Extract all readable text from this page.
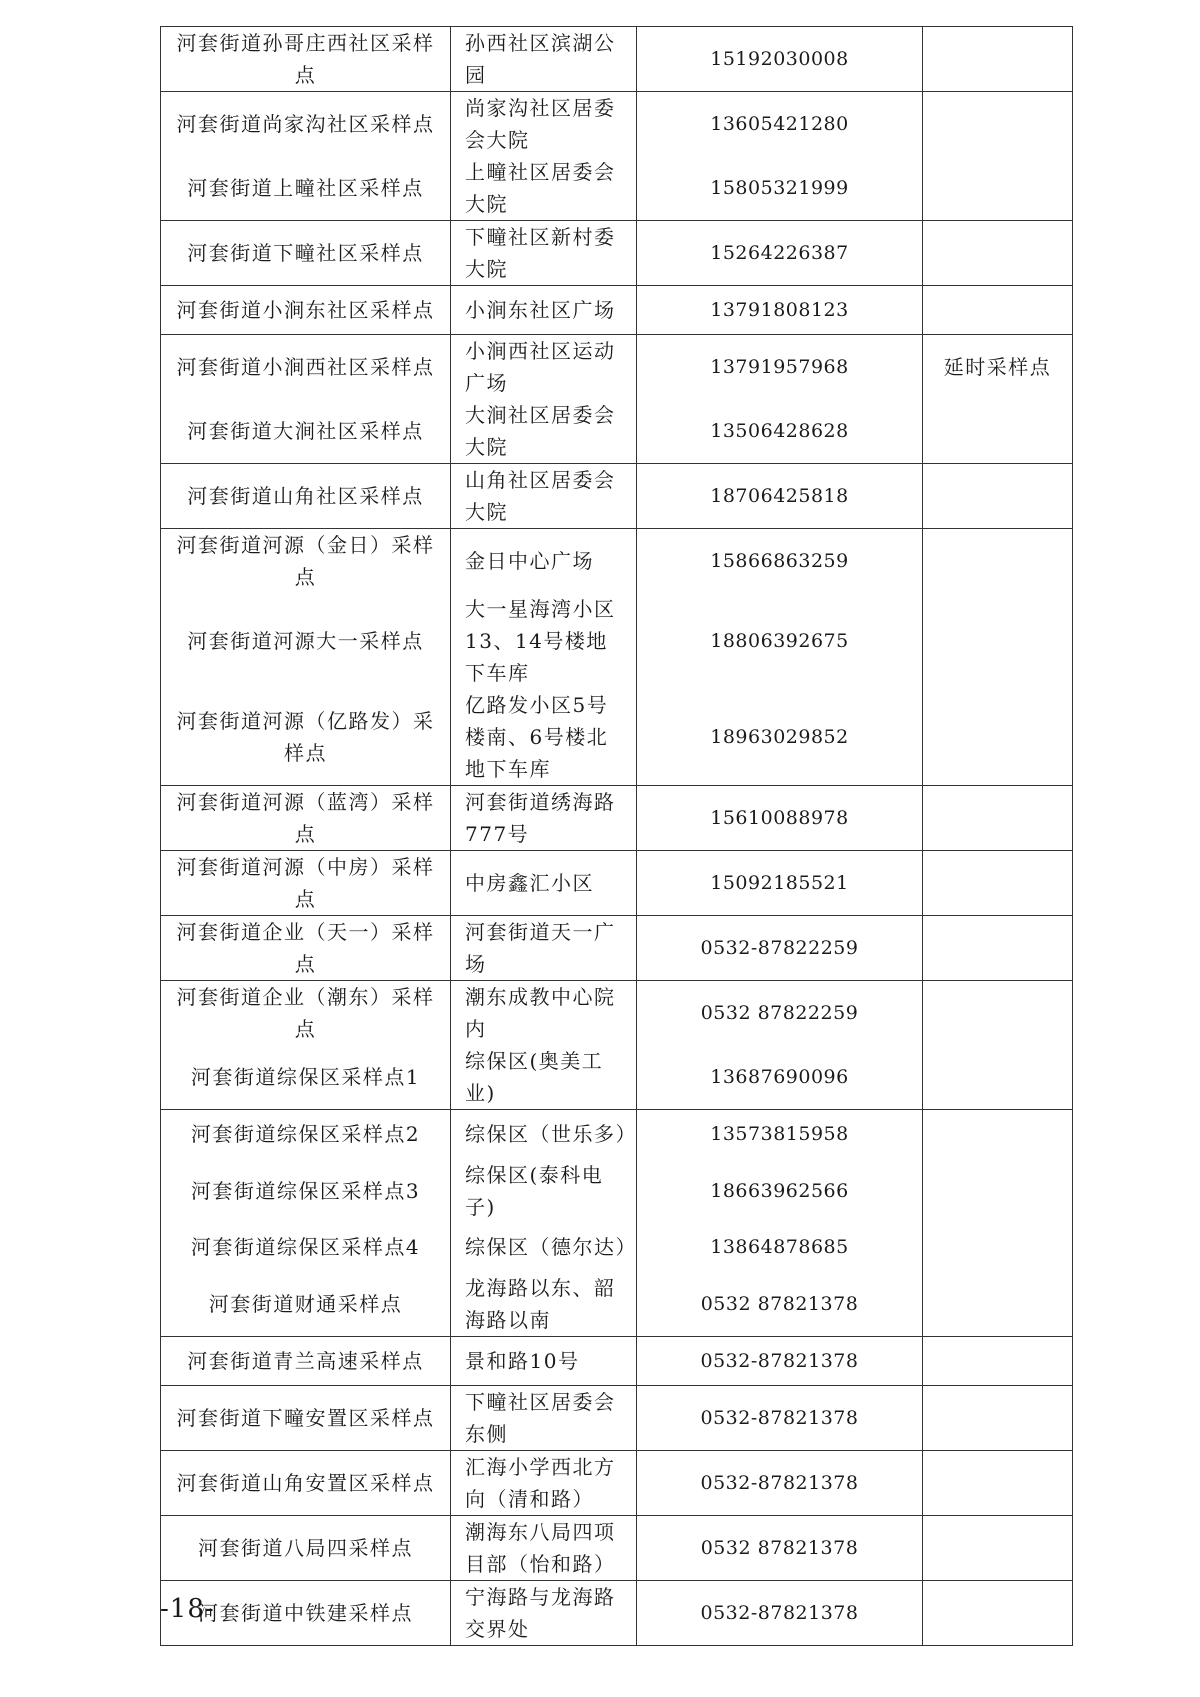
河套街道孙哥庄西社区采样点	孙西社区滨湖公园	15192030008	
河套街道尚家沟社区采样点	尚家沟社区居委会大院	13605421280	
河套街道上疃社区采样点	上疃社区居委会大院	15805321999	
河套街道下疃社区采样点	下疃社区新村委大院	15264226387	
河套街道小涧东社区采样点	小涧东社区广场	13791808123	
河套街道小涧西社区采样点	小涧西社区运动广场	13791957968	延时采样点
河套街道大涧社区采样点	大涧社区居委会大院	13506428628	
河套街道山角社区采样点	山角社区居委会大院	18706425818	
河套街道河源（金日）采样点	金日中心广场	15866863259	
河套街道河源大一采样点	大一星海湾小区13、14号楼地下车库	18806392675	
河套街道河源（亿路发）采样点	亿路发小区5号楼南、6号楼北地下车库	18963029852	
河套街道河源（蓝湾）采样点	河套街道绣海路777号	15610088978	
河套街道河源（中房）采样点	中房鑫汇小区	15092185521	
河套街道企业（天一）采样点	河套街道天一广场	0532-87822259	
河套街道企业（潮东）采样点	潮东成教中心院内	0532 87822259	
河套街道综保区采样点1	综保区(奥美工业)	13687690096	
河套街道综保区采样点2	综保区（世乐多）	13573815958	
河套街道综保区采样点3	综保区(泰科电子)	18663962566	
河套街道综保区采样点4	综保区（德尔达）	13864878685	
河套街道财通采样点	龙海路以东、韶海路以南	0532 87821378	
河套街道青兰高速采样点	景和路10号	0532-87821378	
河套街道下疃安置区采样点	下疃社区居委会东侧	0532-87821378	
河套街道山角安置区采样点	汇海小学西北方向（清和路）	0532-87821378	
河套街道八局四采样点	潮海东八局四项目部（怡和路）	0532 87821378	
河套街道中铁建采样点	宁海路与龙海路交界处	0532-87821378	
-18-
